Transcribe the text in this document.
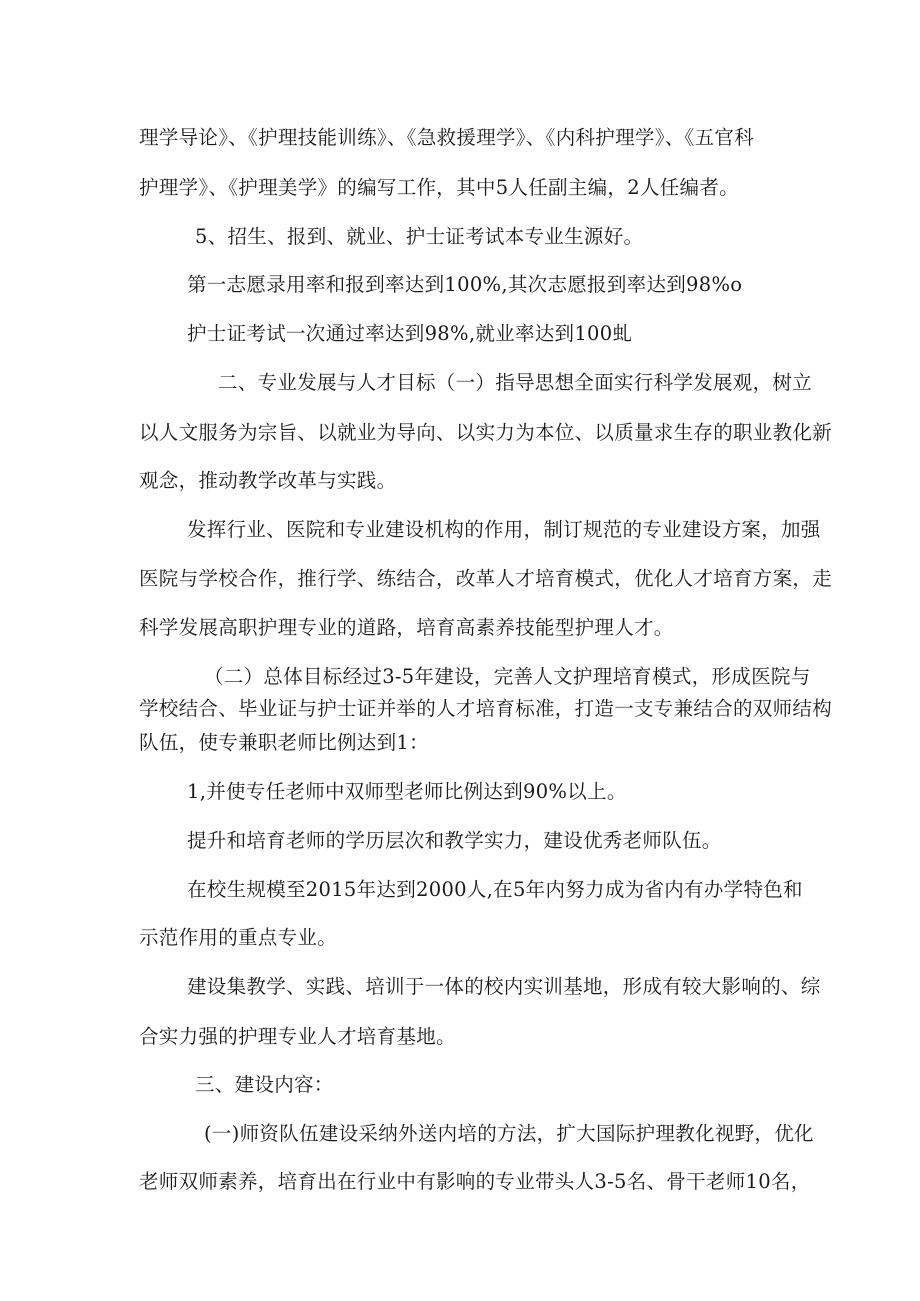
理学导论》、《护理技能训练》、《急救援理学》、《内科护理学》、《五官科
护理学》、《护理美学》的编写工作，其中5人任副主编，2人任编者。
5、招生、报到、就业、护士证考试本专业生源好。
第一志愿录用率和报到率达到100%,其次志愿报到率达到98%o
护士证考试一次通过率达到98%,就业率达到100虬
二、专业发展与人才目标（一）指导思想全面实行科学发展观，树立
以人文服务为宗旨、以就业为导向、以实力为本位、以质量求生存的职业教化新
观念，推动教学改革与实践。
发挥行业、医院和专业建设机构的作用，制订规范的专业建设方案，加强
医院与学校合作，推行学、练结合，改革人才培育模式，优化人才培育方案，走
科学发展高职护理专业的道路，培育高素养技能型护理人才。
（二）总体目标经过3-5年建设，完善人文护理培育模式，形成医院与
学校结合、毕业证与护士证并举的人才培育标准，打造一支专兼结合的双师结构
队伍，使专兼职老师比例达到1：
1,并使专任老师中双师型老师比例达到90%以上。
提升和培育老师的学历层次和教学实力，建设优秀老师队伍。
在校生规模至2015年达到2000人,在5年内努力成为省内有办学特色和
示范作用的重点专业。
建设集教学、实践、培训于一体的校内实训基地，形成有较大影响的、综
合实力强的护理专业人才培育基地。
三、建设内容：
(一)师资队伍建设采纳外送内培的方法，扩大国际护理教化视野，优化
老师双师素养，培育出在行业中有影响的专业带头人3-5名、骨干老师10名，
